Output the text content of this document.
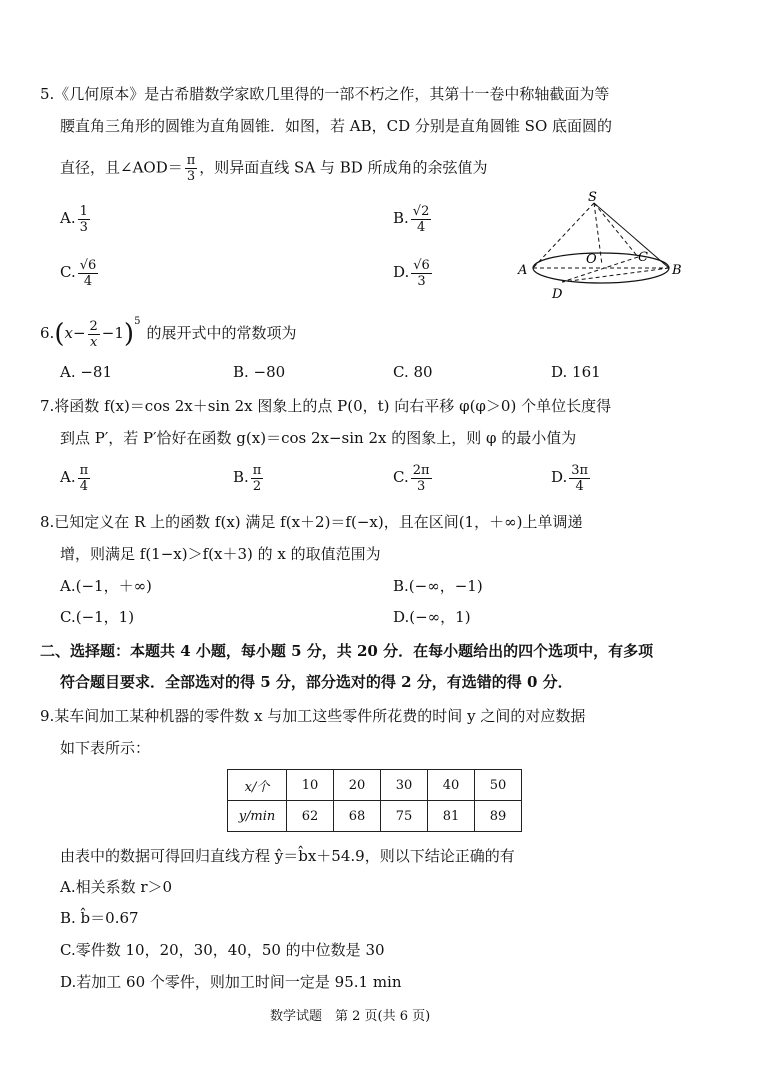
5.《几何原本》是古希腊数学家欧几里得的一部不朽之作，其第十一卷中称轴截面为等
腰直角三角形的圆锥为直角圆锥．如图，若 AB，CD 分别是直角圆锥 SO 底面圆的
直径，且∠AOD＝ $\frac{\pi}{3}$ ，则异面直线 SA 与 BD 所成角的余弦值为
A. $\frac{1}{3}$	B. $\frac{√2}{4}$
C. $\frac{√6}{4}$	D. $\frac{√6}{3}$
S
O	C
A	B
D
$6.(x- \frac{2}{x} -1)^5$的展开式中的常数项为
A. −81	B. −80	C. 80	D. 161
7.将函数 f(x)＝cos 2x＋sin 2x 图象上的点 P(0，t) 向右平移 φ(φ＞0) 个单位长度得
到点 P′，若 P′恰好在函数 g(x)＝cos 2x−sin 2x 的图象上，则 φ 的最小值为
A. $\frac{\pi}{4}$	B. $\frac{\pi}{2}$	C. $\frac{2\pi}{3}$	D. $\frac{3\pi}{4}$
8.已知定义在 R 上的函数 f(x) 满足 f(x＋2)＝f(−x)，且在区间(1，＋∞)上单调递
增，则满足 f(1−x)＞f(x＋3) 的 x 的取值范围为
A.(−1，＋∞)	B.(−∞，−1)
C.(−1，1)	D.(−∞，1)
二、选择题：本题共 4 小题，每小题 5 分，共 20 分．在每小题给出的四个选项中，有多项
符合题目要求．全部选对的得 5 分，部分选对的得 2 分，有选错的得 0 分．
9.某车间加工某种机器的零件数 x 与加工这些零件所花费的时间 y 之间的对应数据
如下表所示：
x/个	10	20	30	40	50
y/min	62	68	75	81	89
由表中的数据可得回归直线方程 ŷ＝b̂x＋54.9，则以下结论正确的有
A.相关系数 r＞0
B. b̂＝0.67
C.零件数 10，20，30，40，50 的中位数是 30
D.若加工 60 个零件，则加工时间一定是 95.1 min
数学试题　第 2 页(共 6 页)
